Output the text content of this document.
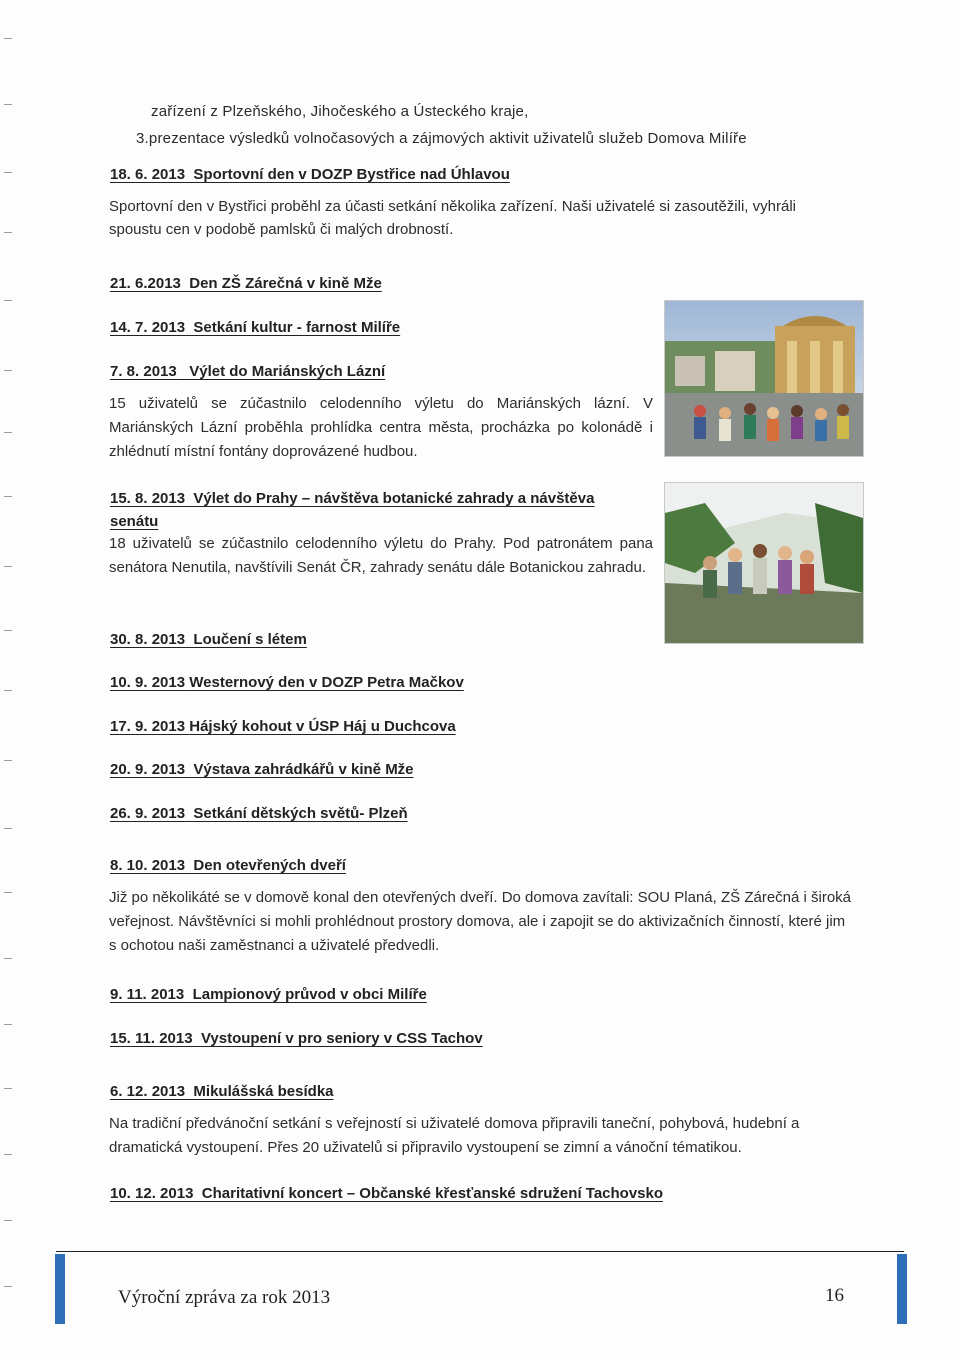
zařízení z Plzeňského, Jihočeského a Ústeckého kraje,
3.prezentace výsledků volnočasových a zájmových aktivit uživatelů služeb Domova Milíře
18. 6. 2013 Sportovní den v DOZP Bystřice nad Úhlavou
Sportovní den v Bystřici proběhl za účasti setkání několika zařízení. Naši uživatelé si zasoutěžili, vyhráli spoustu cen v podobě pamlsků či malých drobností.
21. 6.2013 Den ZŠ Zárečná v kině Mže
14. 7. 2013 Setkání kultur - farnost Milíře
7. 8. 2013 Výlet do Mariánských Lázní
15 uživatelů se zúčastnilo celodenního výletu do Mariánských lázní. V Mariánských Lázní proběhla prohlídka centra města, procházka po kolonádě i zhlédnutí místní fontány doprovázené hudbou.
15. 8. 2013 Výlet do Prahy – návštěva botanické zahrady a návštěva
senátu
18 uživatelů se zúčastnilo celodenního výletu do Prahy. Pod patronátem pana senátora Nenutila, navštívili Senát ČR, zahrady senátu dále Botanickou zahradu.
30. 8. 2013 Loučení s létem
10. 9. 2013 Westernový den v DOZP Petra Mačkov
17. 9. 2013 Hájský kohout v ÚSP Háj u Duchcova
20. 9. 2013 Výstava zahrádkářů v kině Mže
26. 9. 2013 Setkání dětských světů- Plzeň
8. 10. 2013 Den otevřených dveří
Již po několikáté se v domově konal den otevřených dveří. Do domova zavítali: SOU Planá, ZŠ Zárečná i široká veřejnost. Návštěvníci si mohli prohlédnout prostory domova, ale i zapojit se do aktivizačních činností, které jim s ochotou naši zaměstnanci a uživatelé předvedli.
9. 11. 2013 Lampionový průvod v obci Milíře
15. 11. 2013 Vystoupení v pro seniory v CSS Tachov
6. 12. 2013 Mikulášská besídka
Na tradiční předvánoční setkání s veřejností si uživatelé domova připravili taneční, pohybová, hudební a dramatická vystoupení. Přes 20 uživatelů si připravilo vystoupení se zimní a vánoční tématikou.
10. 12. 2013 Charitativní koncert – Občanské křesťanské sdružení Tachovsko
Výroční zpráva za rok 2013	16
